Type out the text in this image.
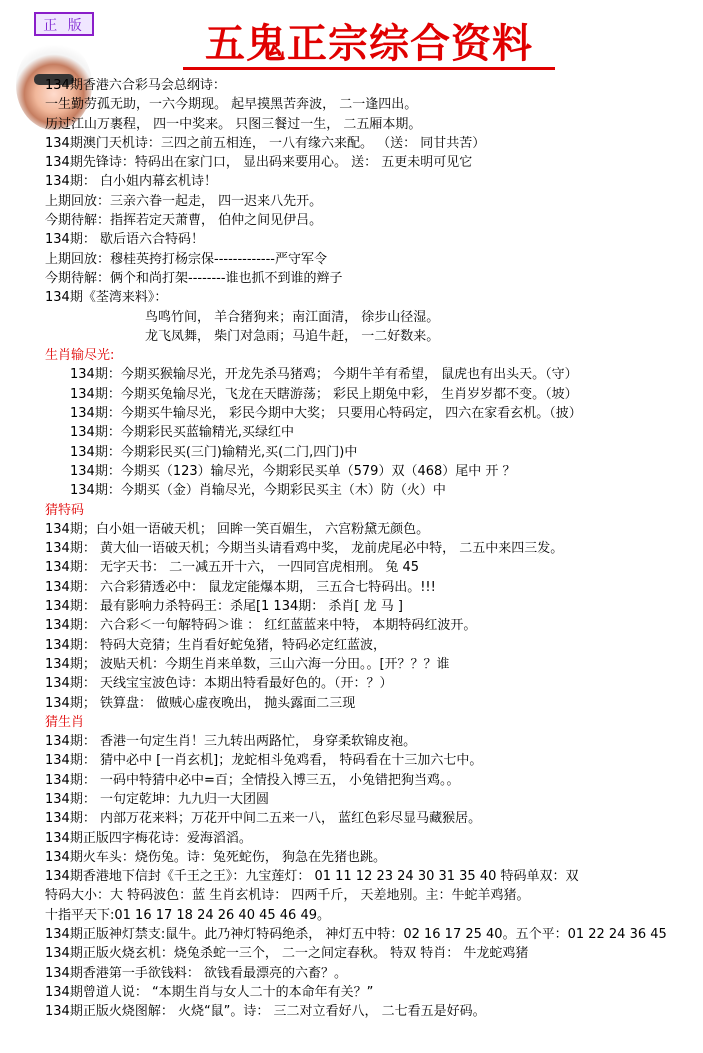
正 版	五鬼正宗综合资料
134期香港六合彩马会总纲诗：
一生勤劳孤无助，一六今期现。 起早摸黑苦奔波， 二一逢四出。
历过江山万裹程， 四一中奖来。 只图三餐过一生， 二五厢本期。
134期澳门天机诗：三四之前五相连， 一八有缘六来配。 （送： 同甘共苦）
134期先锋诗：特码出在家门口， 显出码来要用心。 送： 五更未明可见它
134期： 白小姐内幕玄机诗！
上期回放：三亲六眷一起走， 四一迟来八先开。
今期待解：指挥若定天萧曹， 伯仲之间见伊吕。
134期： 歇后语六合特码！
上期回放：穆桂英挎打杨宗保-------------严守军令
今期待解：俩个和尚打架--------谁也抓不到谁的辫子
134期《荃湾来料》：
鸟鸣竹间， 羊合猪狗来；南江面清， 徐步山径湿。
龙飞凤舞， 柴门对急雨；马追牛赶， 一二好数来。
生肖输尽光:
134期：今期买猴输尽光，开龙先杀马猪鸡； 今期牛羊有希望， 鼠虎也有出头天。（守）
134期：今期买兔输尽光，飞龙在天瞎游荡； 彩民上期兔中彩， 生肖岁岁都不变。（坡）
134期：今期买牛输尽光， 彩民今期中大奖； 只要用心特码定， 四六在家看玄机。（披）
134期：今期彩民买蓝输精光,买绿红中
134期：今期彩民买(三门)输精光,买(二门,四门)中
134期：今期买（123）输尽光，今期彩民买单（579）双（468）尾中 开 ？
134期：今期买（金）肖输尽光，今期彩民买主（木）防（火）中
猜特码
134期；白小姐一语破天机； 回眸一笑百媚生， 六宫粉黛无颜色。
134期： 黄大仙一语破天机；今期当头请看鸡中奖， 龙前虎尾必中特， 二五中来四三发。
134期： 无字天书： 二一减五开十六， 一四同宫虎相刑。 兔 45
134期： 六合彩猜透必中： 鼠龙定能爆本期， 三五合七特码出。!!!
134期： 最有影响力杀特码王：杀尾[1 134期： 杀肖[ 龙 马 ]
134期： 六合彩＜一句解特码＞谁 ： 红红蓝蓝来中特， 本期特码红波开。
134期： 特码大竞猜；生肖看好蛇兔猪，特码必定红蓝波，
134期； 波贴天机：今期生肖来单数，三山六海一分田。。[开？？？谁
134期： 天线宝宝波色诗：本期出特看最好色的。（开：？）
134期； 铁算盘： 做贼心虚夜晚出， 抛头露面二三现
猜生肖
134期： 香港一句定生肖！三九转出两路忙， 身穿柔软锦皮袍。
134期： 猜中必中 [一肖玄机]；龙蛇相斗兔鸡看， 特码看在十三加六七中。
134期： 一码中特猜中必中=百；全情投入博三五， 小兔错把狗当鸡。。
134期： 一句定乾坤：九九归一大团圆
134期： 内部万花来料；万花开中间二五来一八， 蓝红色彩尽显马藏猴居。
134期正版四字梅花诗：爱海滔滔。
134期火车头：烧伤兔。诗：兔死蛇伤， 狗急在先猪也跳。
134期香港地下信封《千王之王》：九宝莲灯： 01 11 12 23 24 30 31 35 40 特码单双：双
特码大小：大 特码波色：蓝 生肖玄机诗： 四两千斤， 天差地别。主：牛蛇羊鸡猪。
十指平天下:01 16 17 18 24 26 40 45 46 49。
134期正版神灯禁支:鼠牛。此乃神灯特码绝杀， 神灯五中特：02 16 17 25 40。五个平：01 22 24 36 45
134期正版火烧玄机：烧兔杀蛇一三个， 二一之间定春秋。 特双 特肖： 牛龙蛇鸡猪
134期香港第一手欲钱料： 欲钱看最漂亮的六畜？。
134期曾道人说： “本期生肖与女人二十的本命年有关？”
134期正版火烧图解： 火烧“鼠”。诗： 三二对立看好八， 二七看五是好码。
